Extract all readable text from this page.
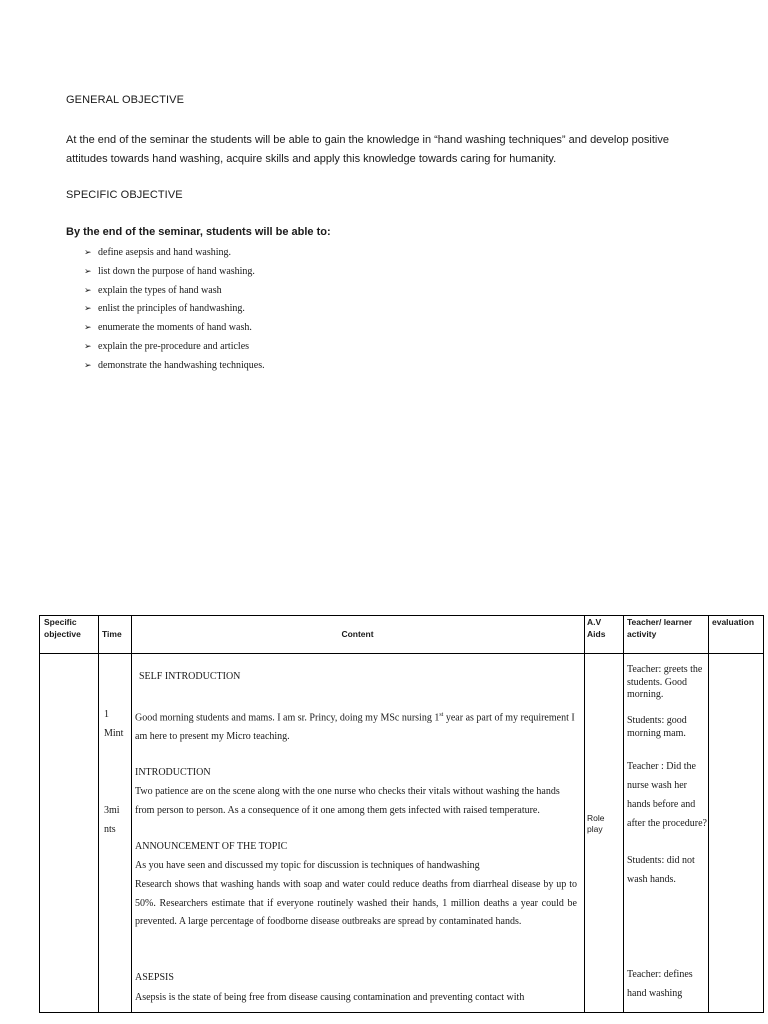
GENERAL OBJECTIVE
At the end of the seminar the students will be able to gain the knowledge in “hand washing techniques” and develop positive attitudes towards hand washing, acquire skills and apply this knowledge towards caring for humanity.
SPECIFIC OBJECTIVE
By the end of the seminar, students will be able to:
➢ define asepsis and hand washing.
➢ list down the purpose of hand washing.
➢ explain the types of hand wash
➢ enlist the principles of handwashing.
➢ enumerate the moments of hand wash.
➢ explain the pre-procedure and articles
➢ demonstrate the handwashing techniques.
Specific objective	Time	Content
A.V Aids
Teacher/ learner activity
evaluation
1 Mint
3mi nts
SELF INTRODUCTION
Good morning students and mams. I am sr. Princy, doing my MSc nursing 1st year as part of my requirement I am here to present my Micro teaching.
INTRODUCTION
Two patience are on the scene along with the one nurse who checks their vitals without washing the hands from person to person. As a consequence of it one among them gets infected with raised temperature.
ANNOUNCEMENT OF THE TOPIC
As you have seen and discussed my topic for discussion is techniques of handwashing
Research shows that washing hands with soap and water could reduce deaths from diarrheal disease by up to 50%. Researchers estimate that if everyone routinely washed their hands, 1 million deaths a year could be prevented. A large percentage of foodborne disease outbreaks are spread by contaminated hands.
ASEPSIS
Asepsis is the state of being free from disease causing contamination and preventing contact with
Role play
Teacher: greets the students. Good morning.
Students: good morning mam.
Teacher : Did the nurse wash her hands before and after the procedure?
Students: did not wash hands.
Teacher: defines hand washing
